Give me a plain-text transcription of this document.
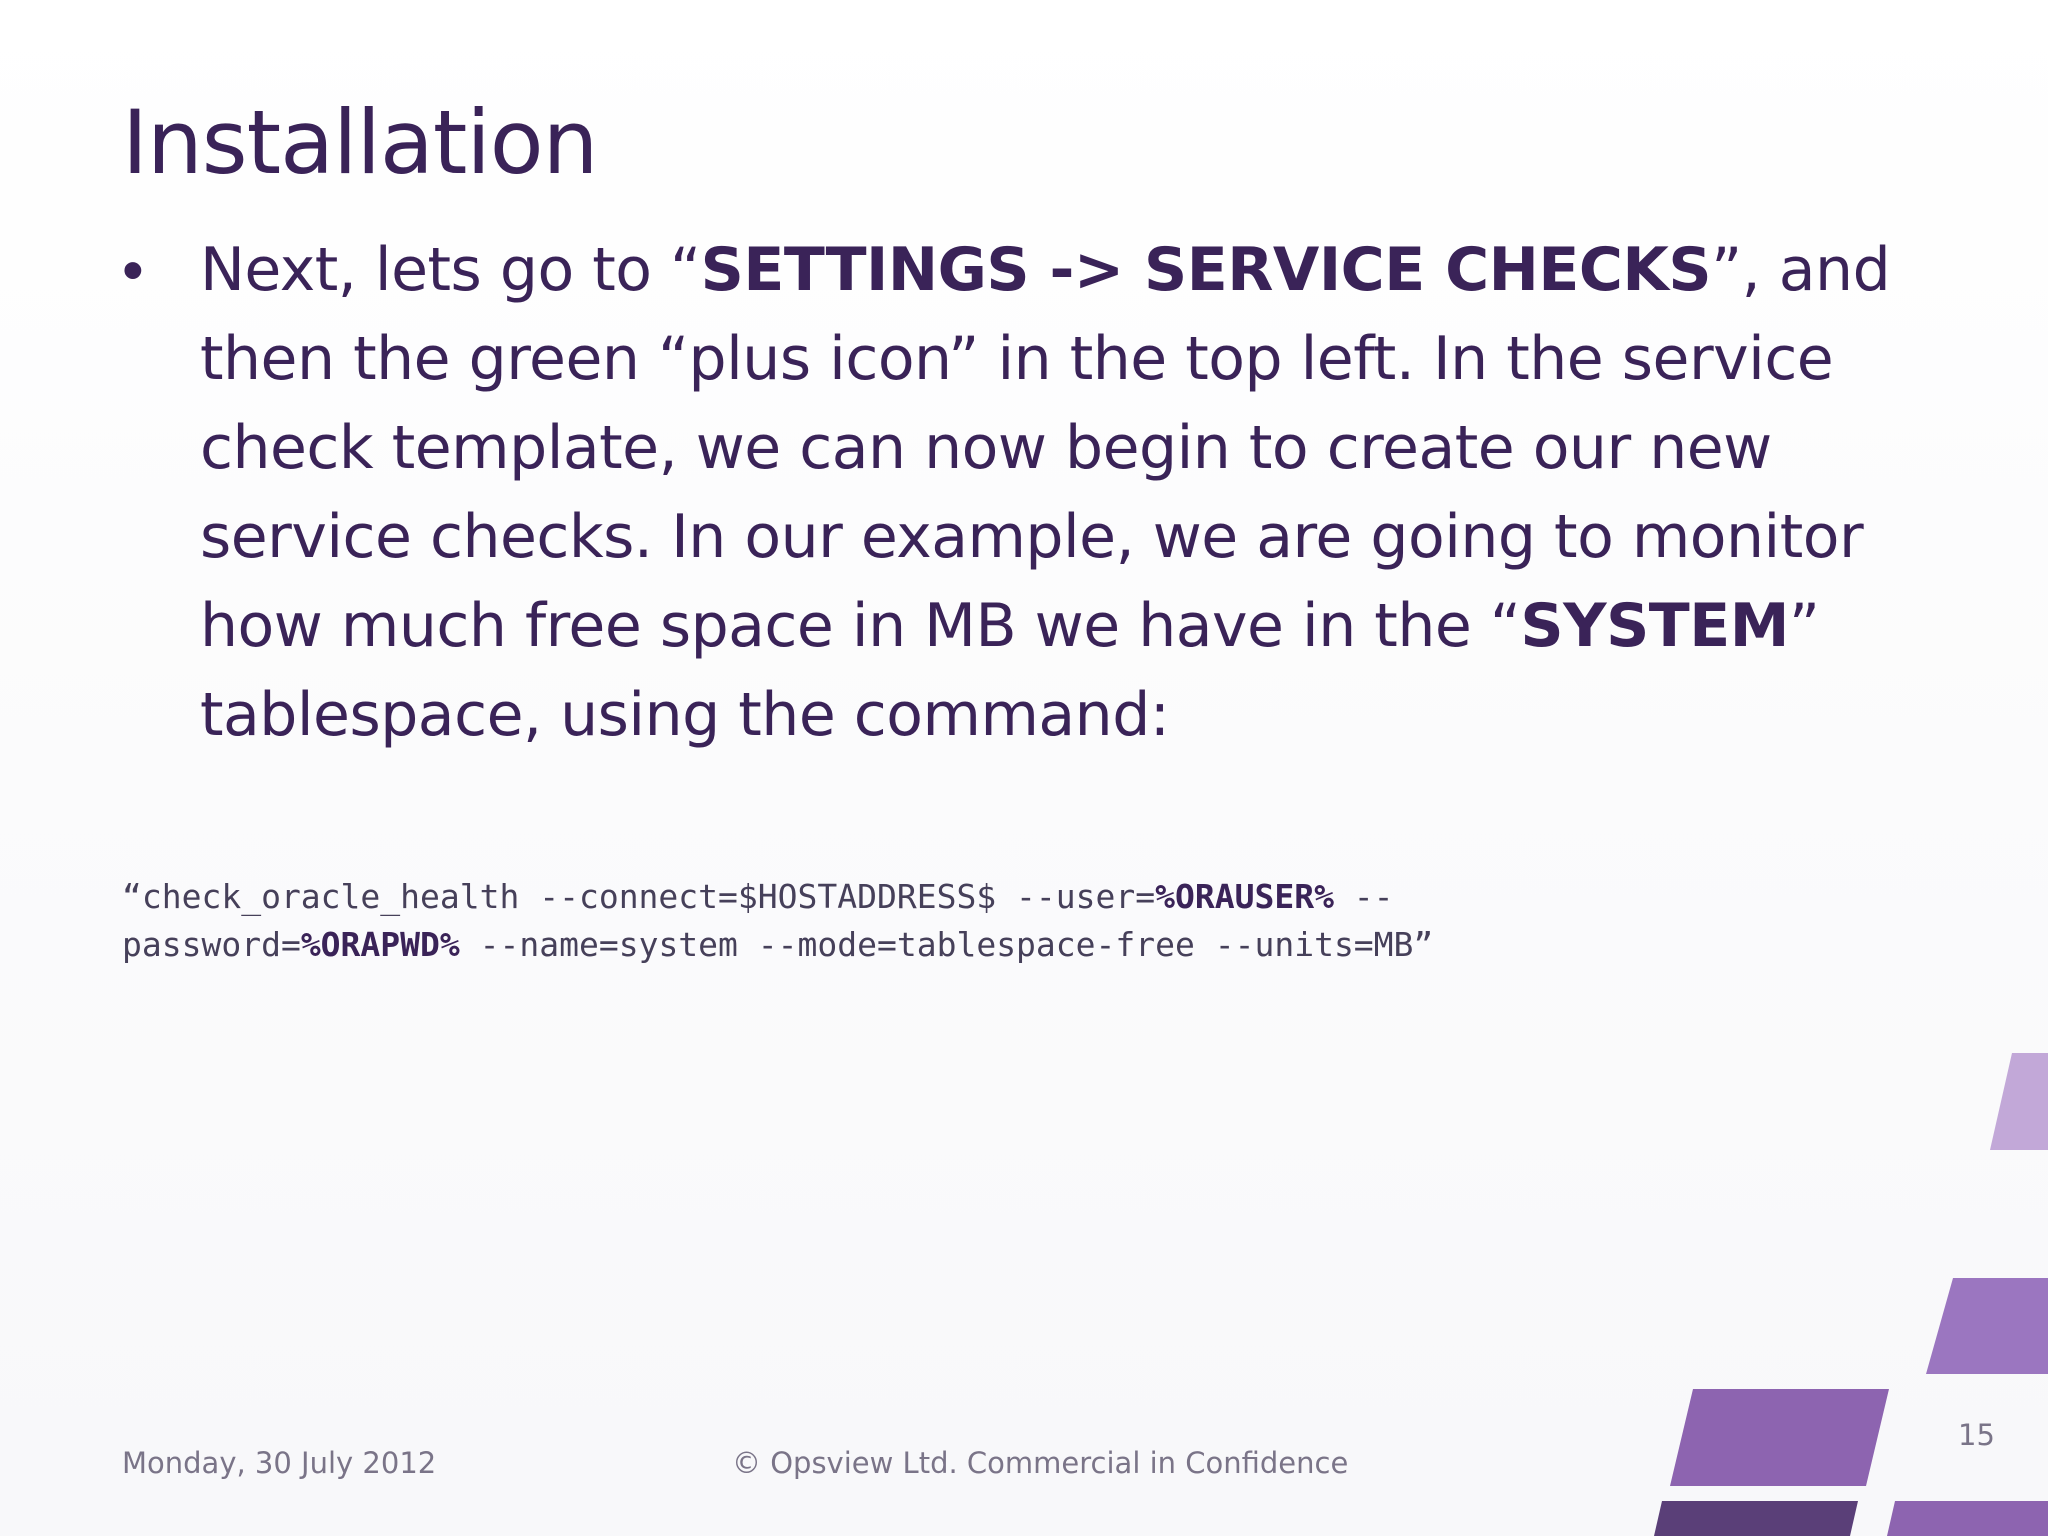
Installation
• Next, lets go to “SETTINGS -> SERVICE CHECKS”, and then the green “plus icon” in the top left. In the service check template, we can now begin to create our new service checks. In our example, we are going to monitor how much free space in MB we have in the “SYSTEM” tablespace, using the command:
“check_oracle_health --connect=$HOSTADDRESS$ --user=%ORAUSER% --
password=%ORAPWD% --name=system --mode=tablespace-free --units=MB”
Monday, 30 July 2012	© Opsview Ltd. Commercial in Confidence
15
